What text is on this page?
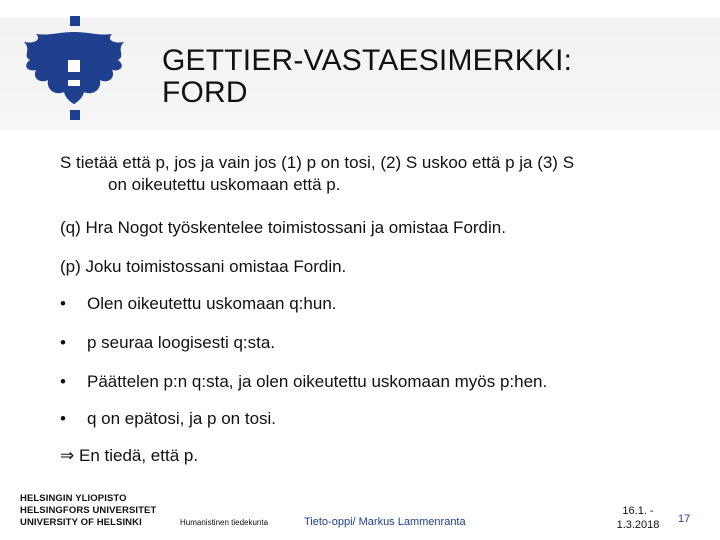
GETTIER-VASTAESIMERKKI:
FORD

S tietää että p, jos ja vain jos (1) p on tosi, (2) S uskoo että p ja (3) S
on oikeutettu uskomaan että p.

(q) Hra Nogot työskentelee toimistossani ja omistaa Fordin.

(p) Joku toimistossani omistaa Fordin.

• Olen oikeutettu uskomaan q:hun.
• p seuraa loogisesti q:sta.
• Päättelen p:n q:sta, ja olen oikeutettu uskomaan myös p:hen.
• q on epätosi, ja p on tosi.
⇒ En tiedä, että p.
HELSINGIN YLIOPISTO
HELSINGFORS UNIVERSITET
UNIVERSITY OF HELSINKI	Humanistinen tiedekunta	Tieto-oppi/ Markus Lammenranta
16.1. -
1.3.2018	17
